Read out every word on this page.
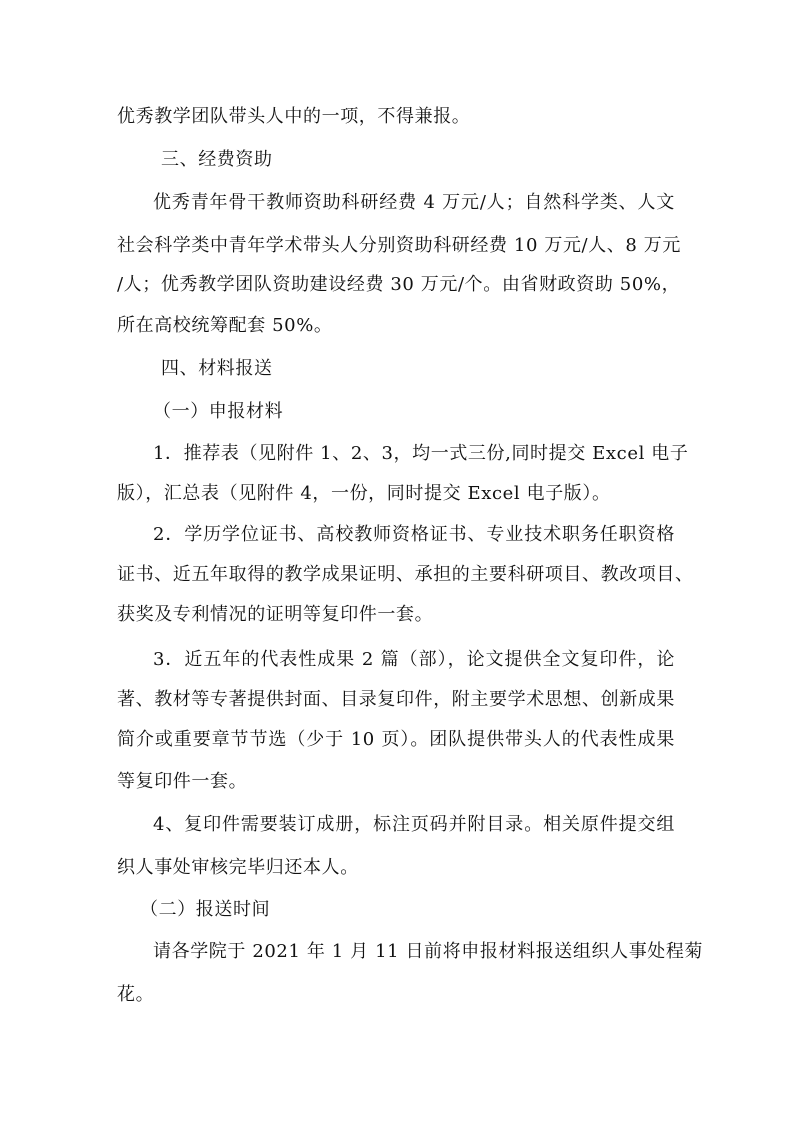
优秀教学团队带头人中的一项，不得兼报。
三、经费资助
优秀青年骨干教师资助科研经费 4 万元/人；自然科学类、人文
社会科学类中青年学术带头人分别资助科研经费 10 万元/人、8 万元
/人；优秀教学团队资助建设经费 30 万元/个。由省财政资助 50%，
所在高校统筹配套 50%。
四、材料报送
（一）申报材料
1．推荐表（见附件 1、2、3，均一式三份,同时提交 Excel 电子
版），汇总表（见附件 4，一份，同时提交 Excel 电子版）。
2．学历学位证书、高校教师资格证书、专业技术职务任职资格
证书、近五年取得的教学成果证明、承担的主要科研项目、教改项目、
获奖及专利情况的证明等复印件一套。
3．近五年的代表性成果 2 篇（部），论文提供全文复印件，论
著、教材等专著提供封面、目录复印件，附主要学术思想、创新成果
简介或重要章节节选（少于 10 页）。团队提供带头人的代表性成果
等复印件一套。
4、复印件需要装订成册，标注页码并附目录。相关原件提交组
织人事处审核完毕归还本人。
（二）报送时间
请各学院于 2021 年 1 月 11 日前将申报材料报送组织人事处程菊
花。
